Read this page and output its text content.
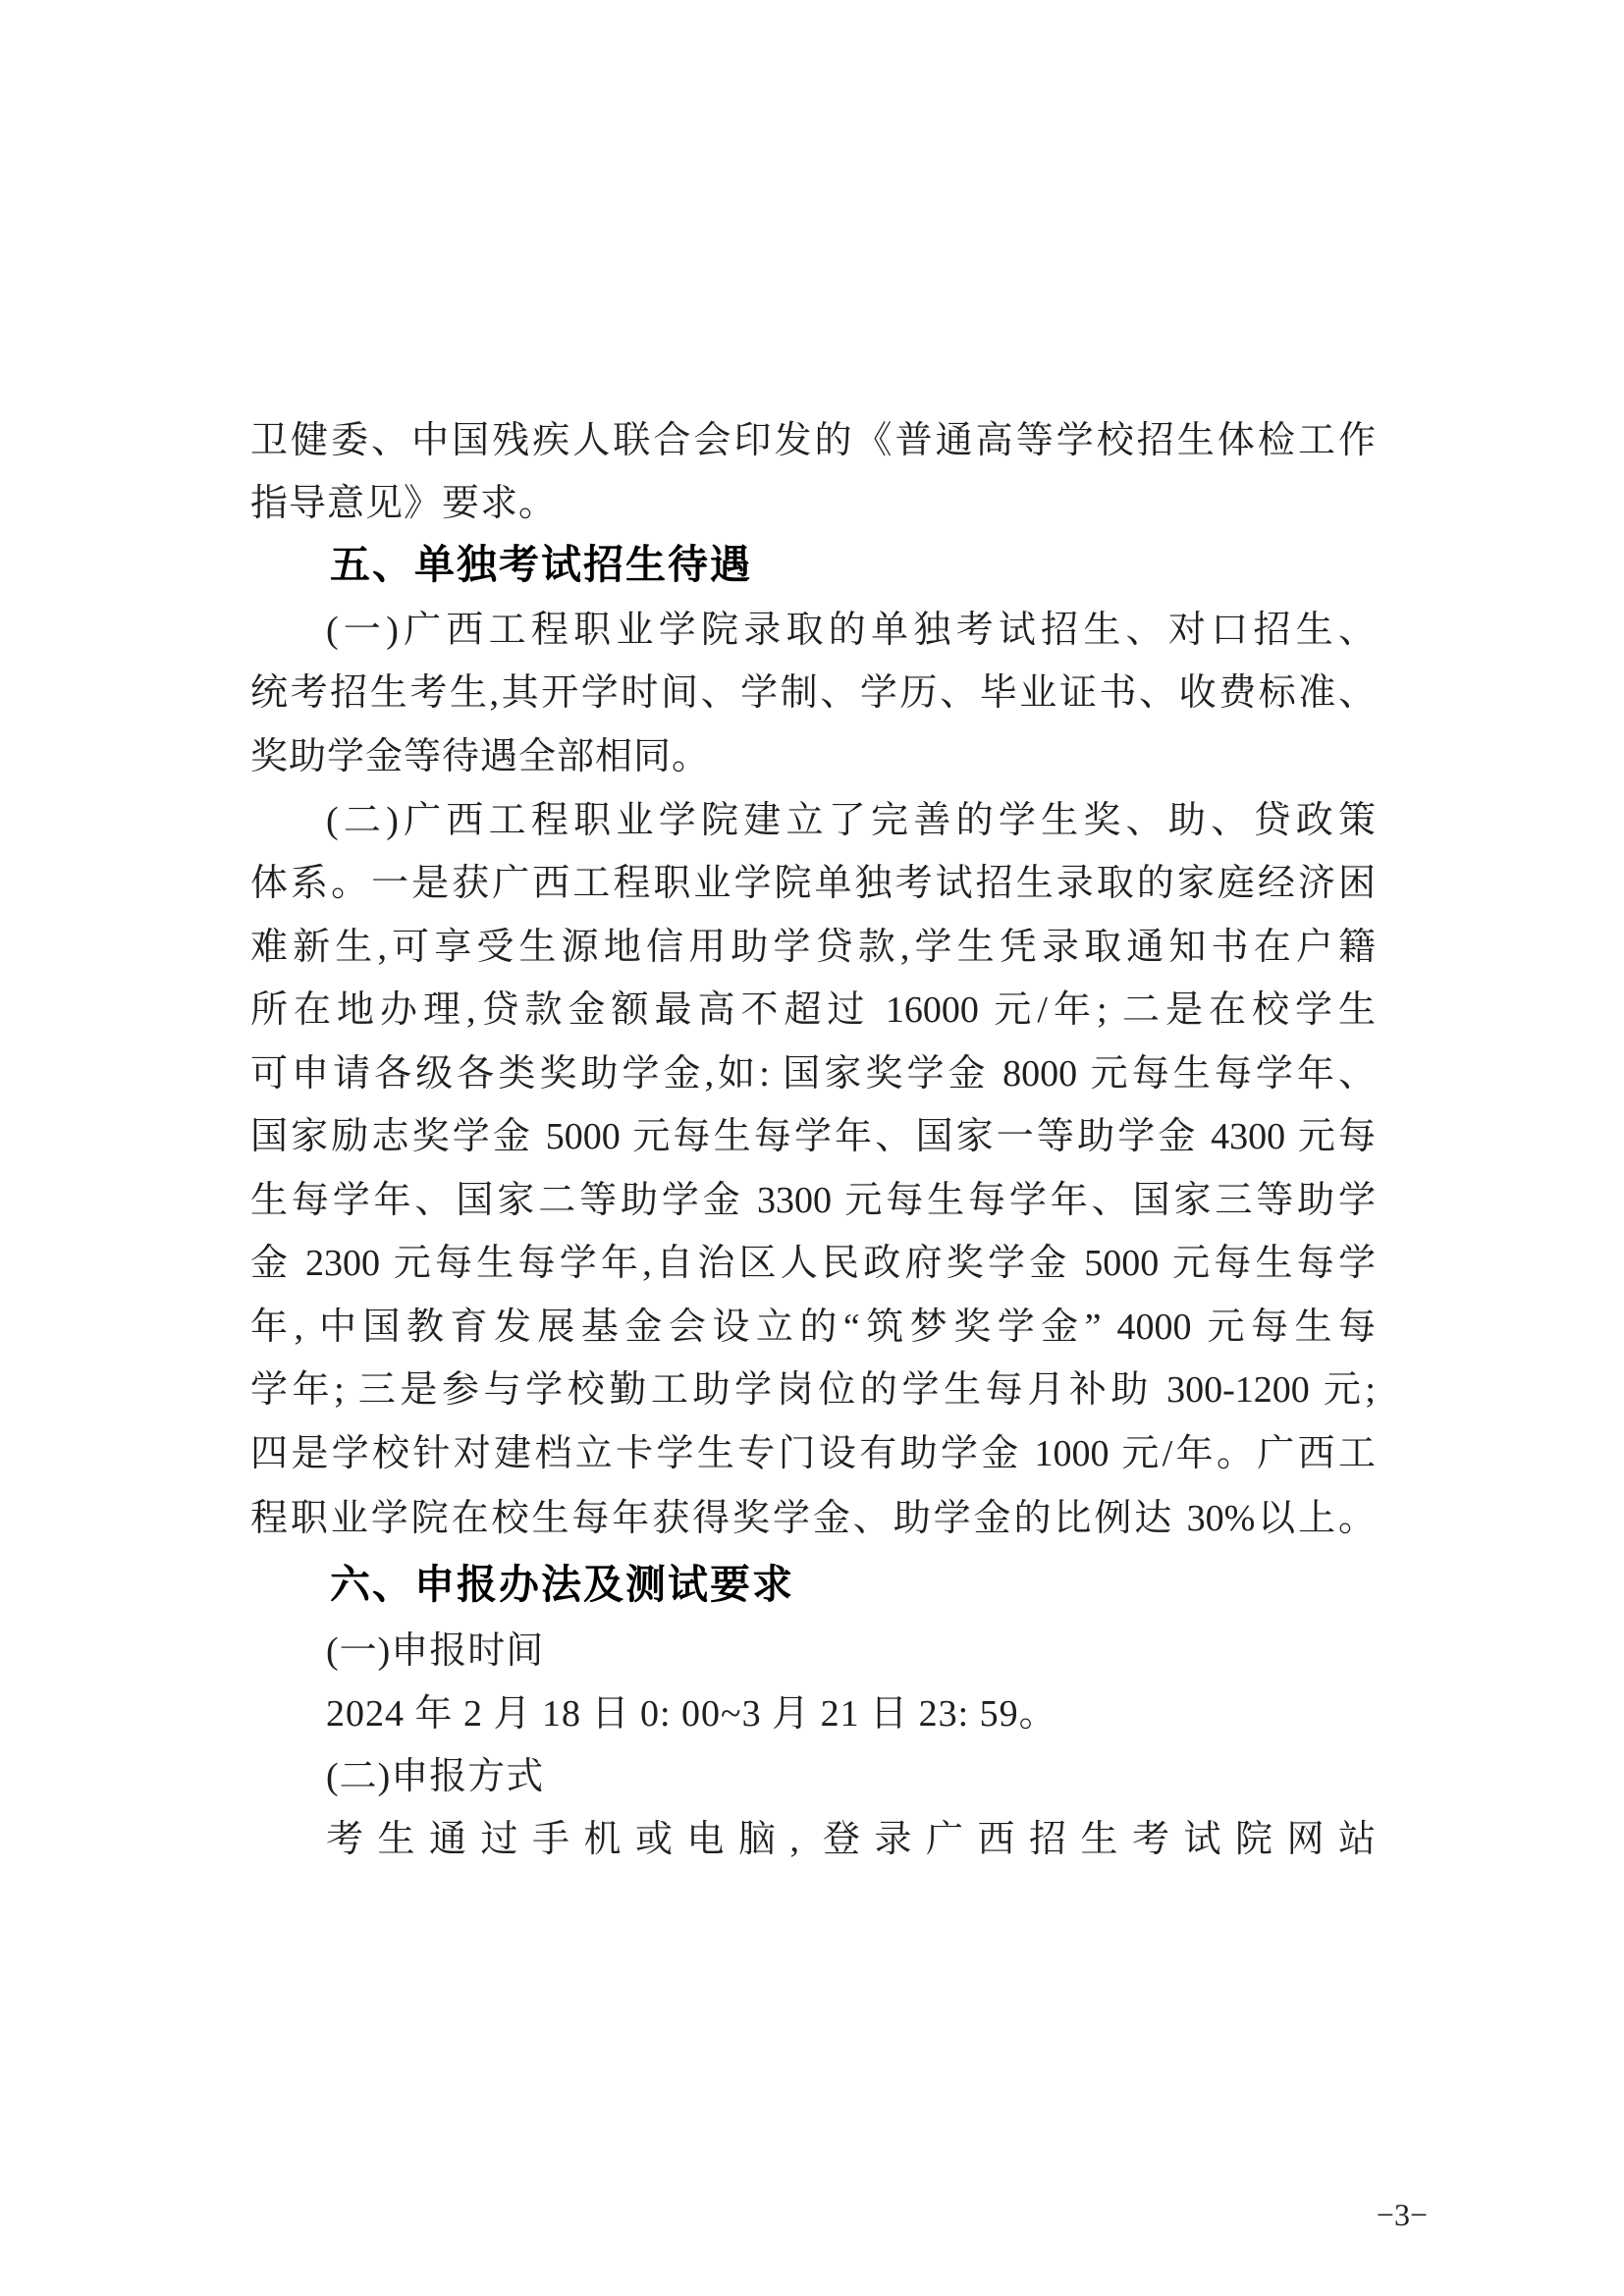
卫健委、中国残疾人联合会印发的《普通高等学校招生体检工作
指导意见》要求。
五、单独考试招生待遇
(一)广西工程职业学院录取的单独考试招生、对口招生、
统考招生考生,其开学时间、学制、学历、毕业证书、收费标准、
奖助学金等待遇全部相同。
(二)广西工程职业学院建立了完善的学生奖、助、贷政策
体系。一是获广西工程职业学院单独考试招生录取的家庭经济困
难新生,可享受生源地信用助学贷款,学生凭录取通知书在户籍
所在地办理,贷款金额最高不超过 16000 元/年; 二是在校学生
可申请各级各类奖助学金,如: 国家奖学金 8000 元每生每学年、
国家励志奖学金 5000 元每生每学年、国家一等助学金 4300 元每
生每学年、国家二等助学金 3300 元每生每学年、国家三等助学
金 2300 元每生每学年,自治区人民政府奖学金 5000 元每生每学
年, 中国教育发展基金会设立的“筑梦奖学金” 4000 元每生每
学年; 三是参与学校勤工助学岗位的学生每月补助 300-1200 元;
四是学校针对建档立卡学生专门设有助学金 1000 元/年。广西工
程职业学院在校生每年获得奖学金、助学金的比例达 30%以上。
六、申报办法及测试要求
(一)申报时间
2024 年 2 月 18 日 0: 00~3 月 21 日 23: 59。
(二)申报方式
考生通过手机或电脑, 登录广西招生考试院网站
−3−
